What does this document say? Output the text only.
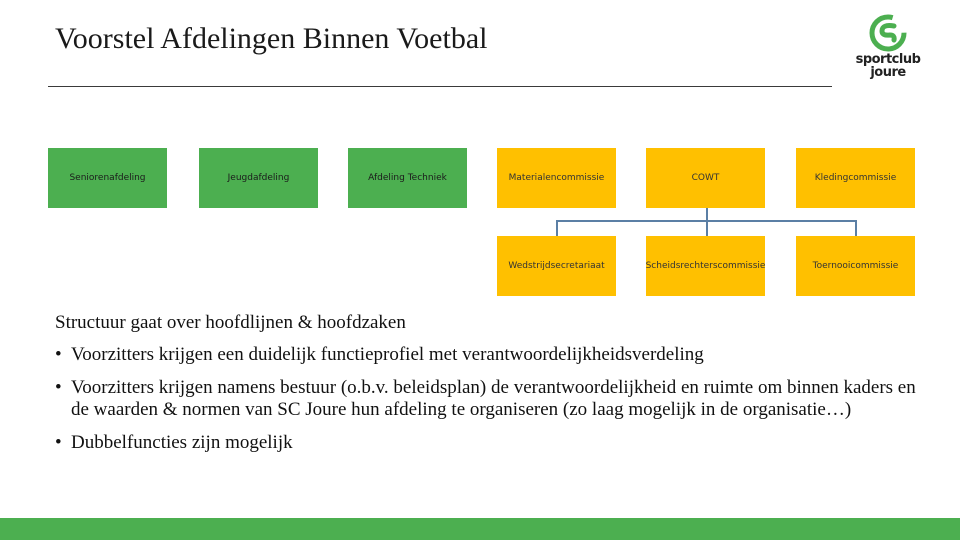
Voorstel Afdelingen Binnen Voetbal
sportclub
joure
Seniorenafdeling	Jeugdafdeling	Afdeling Techniek	Materialencommissie	COWT	Kledingcommissie
Wedstrijdsecretariaat	Scheidsrechterscommissie	Toernooicommissie
Structuur gaat over hoofdlijnen & hoofdzaken
• Voorzitters krijgen een duidelijk functieprofiel met verantwoordelijkheidsverdeling
• Voorzitters krijgen namens bestuur (o.b.v. beleidsplan) de verantwoordelijkheid en ruimte om binnen kaders en de waarden & normen van SC Joure hun afdeling te organiseren (zo laag mogelijk in de organisatie…)
• Dubbelfuncties zijn mogelijk
